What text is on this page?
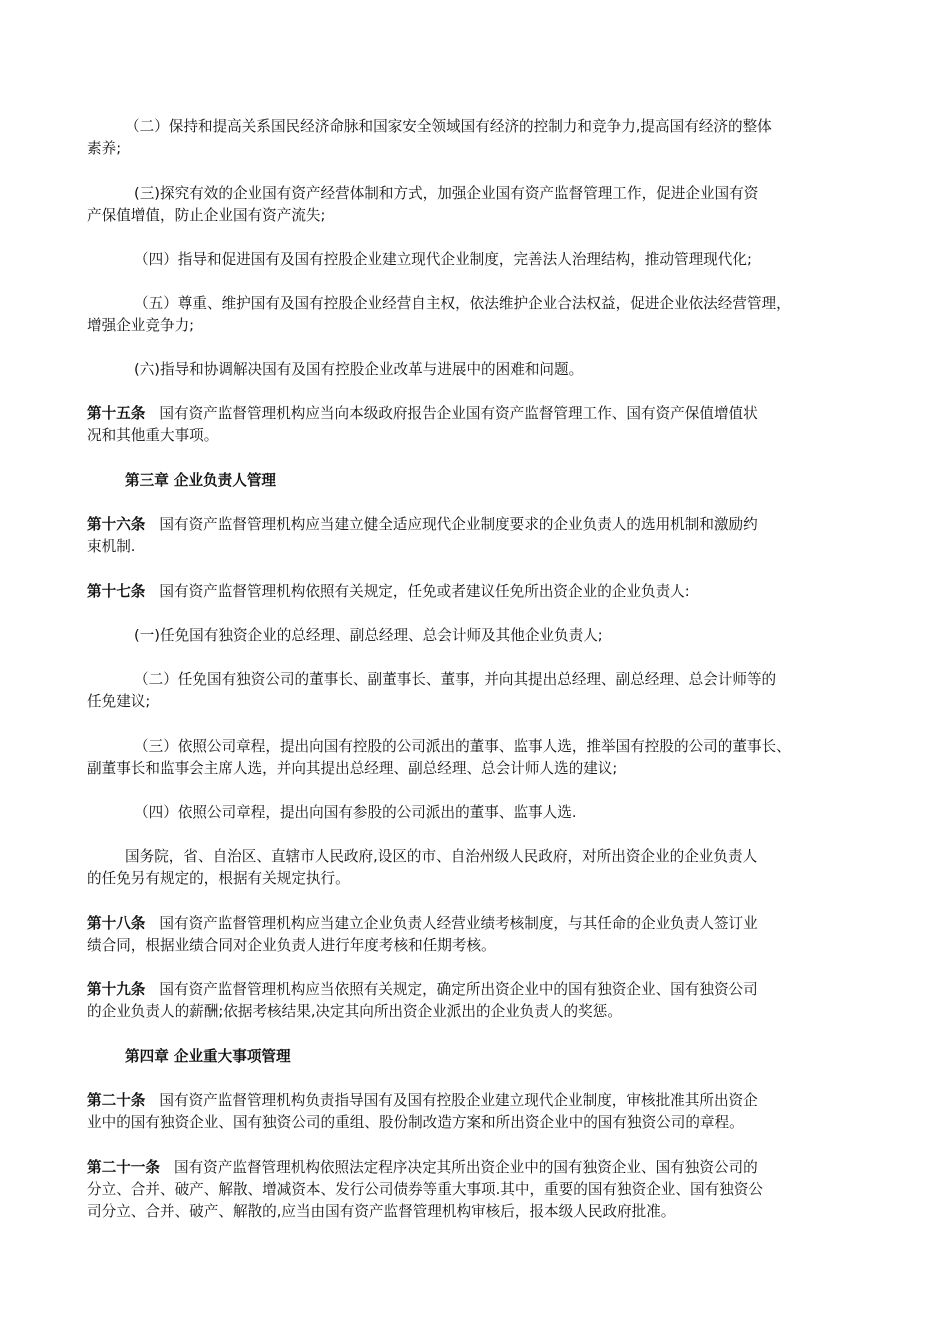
（二）保持和提高关系国民经济命脉和国家安全领域国有经济的控制力和竞争力,提高国有经济的整体
素养;
(三)探究有效的企业国有资产经营体制和方式，加强企业国有资产监督管理工作，促进企业国有资
产保值增值，防止企业国有资产流失;
（四）指导和促进国有及国有控股企业建立现代企业制度，完善法人治理结构，推动管理现代化;
（五）尊重、维护国有及国有控股企业经营自主权，依法维护企业合法权益，促进企业依法经营管理，
增强企业竞争力;
(六)指导和协调解决国有及国有控股企业改革与进展中的困难和问题。
第十五条 国有资产监督管理机构应当向本级政府报告企业国有资产监督管理工作、国有资产保值增值状
况和其他重大事项。
第三章 企业负责人管理
第十六条 国有资产监督管理机构应当建立健全适应现代企业制度要求的企业负责人的选用机制和激励约
束机制.
第十七条 国有资产监督管理机构依照有关规定，任免或者建议任免所出资企业的企业负责人:
(一)任免国有独资企业的总经理、副总经理、总会计师及其他企业负责人;
（二）任免国有独资公司的董事长、副董事长、董事，并向其提出总经理、副总经理、总会计师等的
任免建议;
（三）依照公司章程，提出向国有控股的公司派出的董事、监事人选，推举国有控股的公司的董事长、
副董事长和监事会主席人选，并向其提出总经理、副总经理、总会计师人选的建议;
（四）依照公司章程，提出向国有参股的公司派出的董事、监事人选.
国务院，省、自治区、直辖市人民政府,设区的市、自治州级人民政府，对所出资企业的企业负责人
的任免另有规定的，根据有关规定执行。
第十八条 国有资产监督管理机构应当建立企业负责人经营业绩考核制度，与其任命的企业负责人签订业
绩合同，根据业绩合同对企业负责人进行年度考核和任期考核。
第十九条 国有资产监督管理机构应当依照有关规定，确定所出资企业中的国有独资企业、国有独资公司
的企业负责人的薪酬;依据考核结果,决定其向所出资企业派出的企业负责人的奖惩。
第四章 企业重大事项管理
第二十条 国有资产监督管理机构负责指导国有及国有控股企业建立现代企业制度，审核批准其所出资企
业中的国有独资企业、国有独资公司的重组、股份制改造方案和所出资企业中的国有独资公司的章程。
第二十一条 国有资产监督管理机构依照法定程序决定其所出资企业中的国有独资企业、国有独资公司的
分立、合并、破产、解散、增减资本、发行公司债券等重大事项.其中，重要的国有独资企业、国有独资公
司分立、合并、破产、解散的,应当由国有资产监督管理机构审核后，报本级人民政府批准。
